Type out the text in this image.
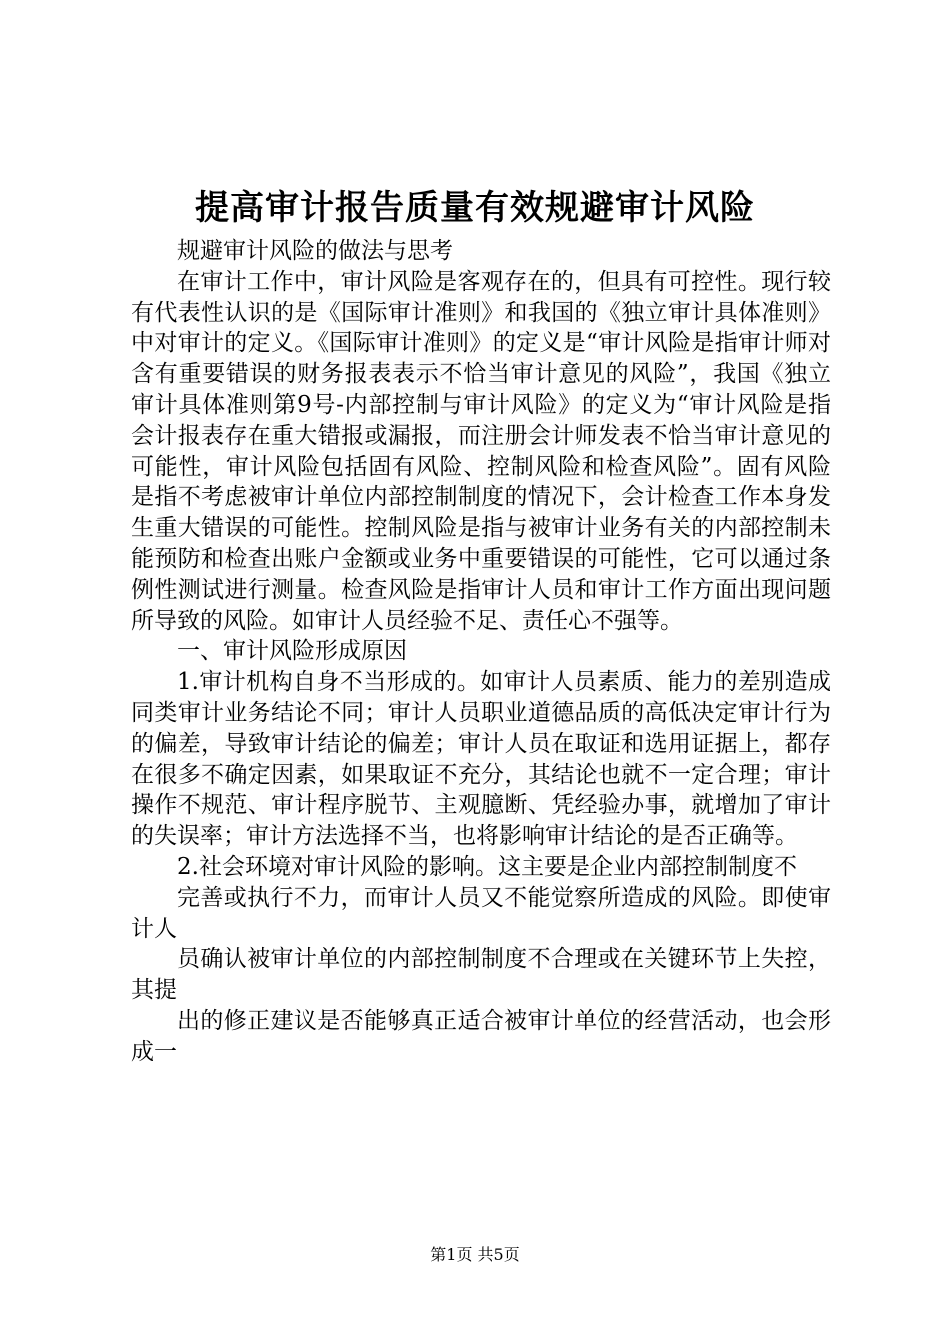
提高审计报告质量有效规避审计风险

规避审计风险的做法与思考

在审计工作中，审计风险是客观存在的，但具有可控性。现行较有代表性认识的是《国际审计准则》和我国的《独立审计具体准则》中对审计的定义。《国际审计准则》的定义是“审计风险是指审计师对含有重要错误的财务报表表示不恰当审计意见的风险”，我国《独立审计具体准则第9号-内部控制与审计风险》的定义为“审计风险是指会计报表存在重大错报或漏报，而注册会计师发表不恰当审计意见的可能性，审计风险包括固有风险、控制风险和检查风险”。固有风险是指不考虑被审计单位内部控制制度的情况下，会计检查工作本身发生重大错误的可能性。控制风险是指与被审计业务有关的内部控制未能预防和检查出账户金额或业务中重要错误的可能性，它可以通过条例性测试进行测量。检查风险是指审计人员和审计工作方面出现问题所导致的风险。如审计人员经验不足、责任心不强等。

一、审计风险形成原因

1.审计机构自身不当形成的。如审计人员素质、能力的差别造成同类审计业务结论不同；审计人员职业道德品质的高低决定审计行为的偏差，导致审计结论的偏差；审计人员在取证和选用证据上，都存在很多不确定因素，如果取证不充分，其结论也就不一定合理；审计操作不规范、审计程序脱节、主观臆断、凭经验办事，就增加了审计的失误率；审计方法选择不当，也将影响审计结论的是否正确等。

2.社会环境对审计风险的影响。这主要是企业内部控制制度不

完善或执行不力，而审计人员又不能觉察所造成的风险。即使审计人

员确认被审计单位的内部控制制度不合理或在关键环节上失控，其提

出的修正建议是否能够真正适合被审计单位的经营活动，也会形成一

第1页 共5页
